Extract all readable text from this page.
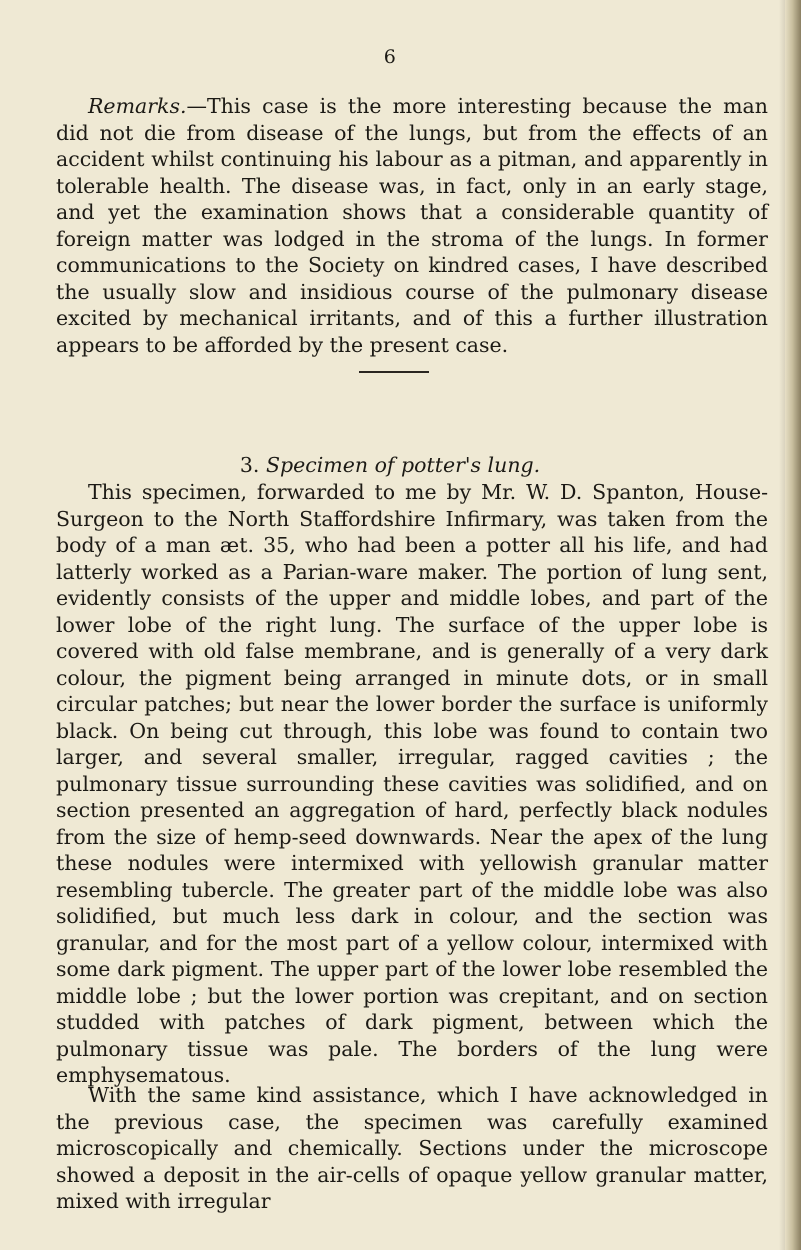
6

Remarks.—This case is the more interesting because the man did not die from disease of the lungs, but from the effects of an accident whilst continuing his labour as a pitman, and apparently in tolerable health. The disease was, in fact, only in an early stage, and yet the examination shows that a considerable quantity of foreign matter was lodged in the stroma of the lungs. In former communications to the Society on kindred cases, I have described the usually slow and insidious course of the pulmonary disease excited by mechanical irritants, and of this a further illustration appears to be afforded by the present case.

3. Specimen of potter's lung.

This specimen, forwarded to me by Mr. W. D. Spanton, House-Surgeon to the North Staffordshire Infirmary, was taken from the body of a man æt. 35, who had been a potter all his life, and had latterly worked as a Parian-ware maker. The portion of lung sent, evidently consists of the upper and middle lobes, and part of the lower lobe of the right lung. The surface of the upper lobe is covered with old false membrane, and is generally of a very dark colour, the pigment being arranged in minute dots, or in small circular patches; but near the lower border the surface is uniformly black. On being cut through, this lobe was found to contain two larger, and several smaller, irregular, ragged cavities ; the pulmonary tissue surrounding these cavities was solidified, and on section presented an aggregation of hard, perfectly black nodules from the size of hemp-seed downwards. Near the apex of the lung these nodules were intermixed with yellowish granular matter resembling tubercle. The greater part of the middle lobe was also solidified, but much less dark in colour, and the section was granular, and for the most part of a yellow colour, intermixed with some dark pigment. The upper part of the lower lobe resembled the middle lobe ; but the lower portion was crepitant, and on section studded with patches of dark pigment, between which the pulmonary tissue was pale. The borders of the lung were emphysematous.

With the same kind assistance, which I have acknowledged in the previous case, the specimen was carefully examined microscopically and chemically. Sections under the microscope showed a deposit in the air-cells of opaque yellow granular matter, mixed with irregular
